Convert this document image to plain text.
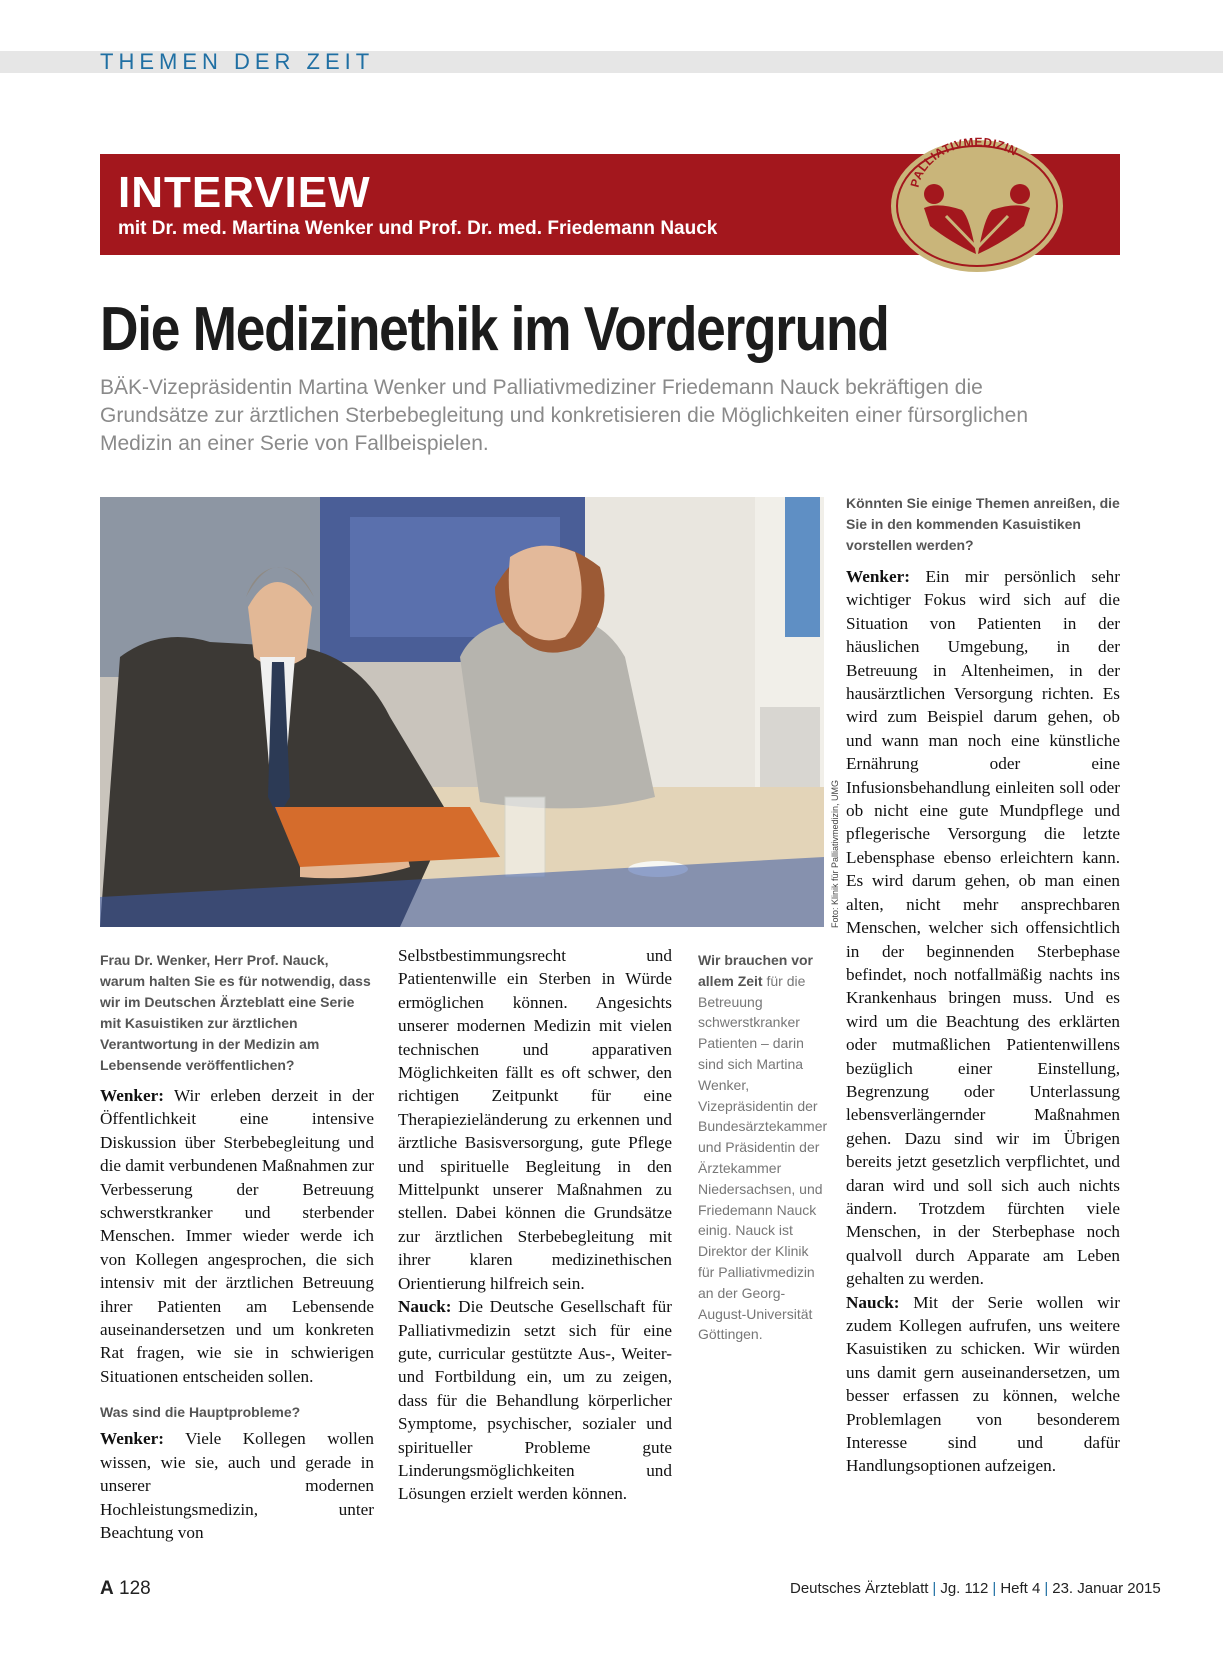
THEMEN DER ZEIT
INTERVIEW
mit Dr. med. Martina Wenker und Prof. Dr. med. Friedemann Nauck
PALLIATIVMEDIZIN
Die Medizinethik im Vordergrund
BÄK-Vizepräsidentin Martina Wenker und Palliativmediziner Friedemann Nauck bekräftigen die Grundsätze zur ärztlichen Sterbebegleitung und konkretisieren die Möglichkeiten einer fürsorglichen Medizin an einer Serie von Fallbeispielen.
Foto: Klinik für Palliativmedizin, UMG

Frau Dr. Wenker, Herr Prof. Nauck, warum halten Sie es für notwendig, dass wir im Deutschen Ärzteblatt eine Serie mit Kasuistiken zur ärztlichen Verantwortung in der Medizin am Lebensende veröffentlichen?

Wenker: Wir erleben derzeit in der Öffentlichkeit eine intensive Diskussion über Sterbebegleitung und die damit verbundenen Maßnahmen zur Verbesserung der Betreuung schwerstkranker und sterbender Menschen. Immer wieder werde ich von Kollegen angesprochen, die sich intensiv mit der ärztlichen Betreuung ihrer Patienten am Lebensende auseinandersetzen und um konkreten Rat fragen, wie sie in schwierigen Situationen entscheiden sollen.

Was sind die Hauptprobleme?

Wenker: Viele Kollegen wollen wissen, wie sie, auch und gerade in unserer modernen Hochleistungsmedizin, unter Beachtung von

Selbstbestimmungsrecht und Patientenwille ein Sterben in Würde ermöglichen können. Angesichts unserer modernen Medizin mit vielen technischen und apparativen Möglichkeiten fällt es oft schwer, den richtigen Zeitpunkt für eine Therapiezieländerung zu erkennen und ärztliche Basisversorgung, gute Pflege und spirituelle Begleitung in den Mittelpunkt unserer Maßnahmen zu stellen. Dabei können die Grundsätze zur ärztlichen Sterbebegleitung mit ihrer klaren medizinethischen Orientierung hilfreich sein.

Nauck: Die Deutsche Gesellschaft für Palliativmedizin setzt sich für eine gute, curricular gestützte Aus-, Weiter- und Fortbildung ein, um zu zeigen, dass für die Behandlung körperlicher Symptome, psychischer, sozialer und spiritueller Probleme gute Linderungsmöglichkeiten und Lösungen erzielt werden können.

Wir brauchen vor allem Zeit für die Betreuung schwerstkranker Patienten – darin sind sich Martina Wenker, Vizepräsidentin der Bundesärztekammer und Präsidentin der Ärztekammer Niedersachsen, und Friedemann Nauck einig. Nauck ist Direktor der Klinik für Palliativmedizin an der Georg-August-Universität Göttingen.

Könnten Sie einige Themen anreißen, die Sie in den kommenden Kasuistiken vorstellen werden?

Wenker: Ein mir persönlich sehr wichtiger Fokus wird sich auf die Situation von Patienten in der häuslichen Umgebung, in der Betreuung in Altenheimen, in der hausärztlichen Versorgung richten. Es wird zum Beispiel darum gehen, ob und wann man noch eine künstliche Ernährung oder eine Infusionsbehandlung einleiten soll oder ob nicht eine gute Mundpflege und pflegerische Versorgung die letzte Lebensphase ebenso erleichtern kann. Es wird darum gehen, ob man einen alten, nicht mehr ansprechbaren Menschen, welcher sich offensichtlich in der beginnenden Sterbephase befindet, noch notfallmäßig nachts ins Krankenhaus bringen muss. Und es wird um die Beachtung des erklärten oder mutmaßlichen Patientenwillens bezüglich einer Einstellung, Begrenzung oder Unterlassung lebensverlängernder Maßnahmen gehen. Dazu sind wir im Übrigen bereits jetzt gesetzlich verpflichtet, und daran wird und soll sich auch nichts ändern. Trotzdem fürchten viele Menschen, in der Sterbephase noch qualvoll durch Apparate am Leben gehalten zu werden.

Nauck: Mit der Serie wollen wir zudem Kollegen aufrufen, uns weitere Kasuistiken zu schicken. Wir würden uns damit gern auseinandersetzen, um besser erfassen zu können, welche Problemlagen von besonderem Interesse sind und dafür Handlungsoptionen aufzeigen.

A 128	Deutsches Ärzteblatt | Jg. 112 | Heft 4 | 23. Januar 2015
